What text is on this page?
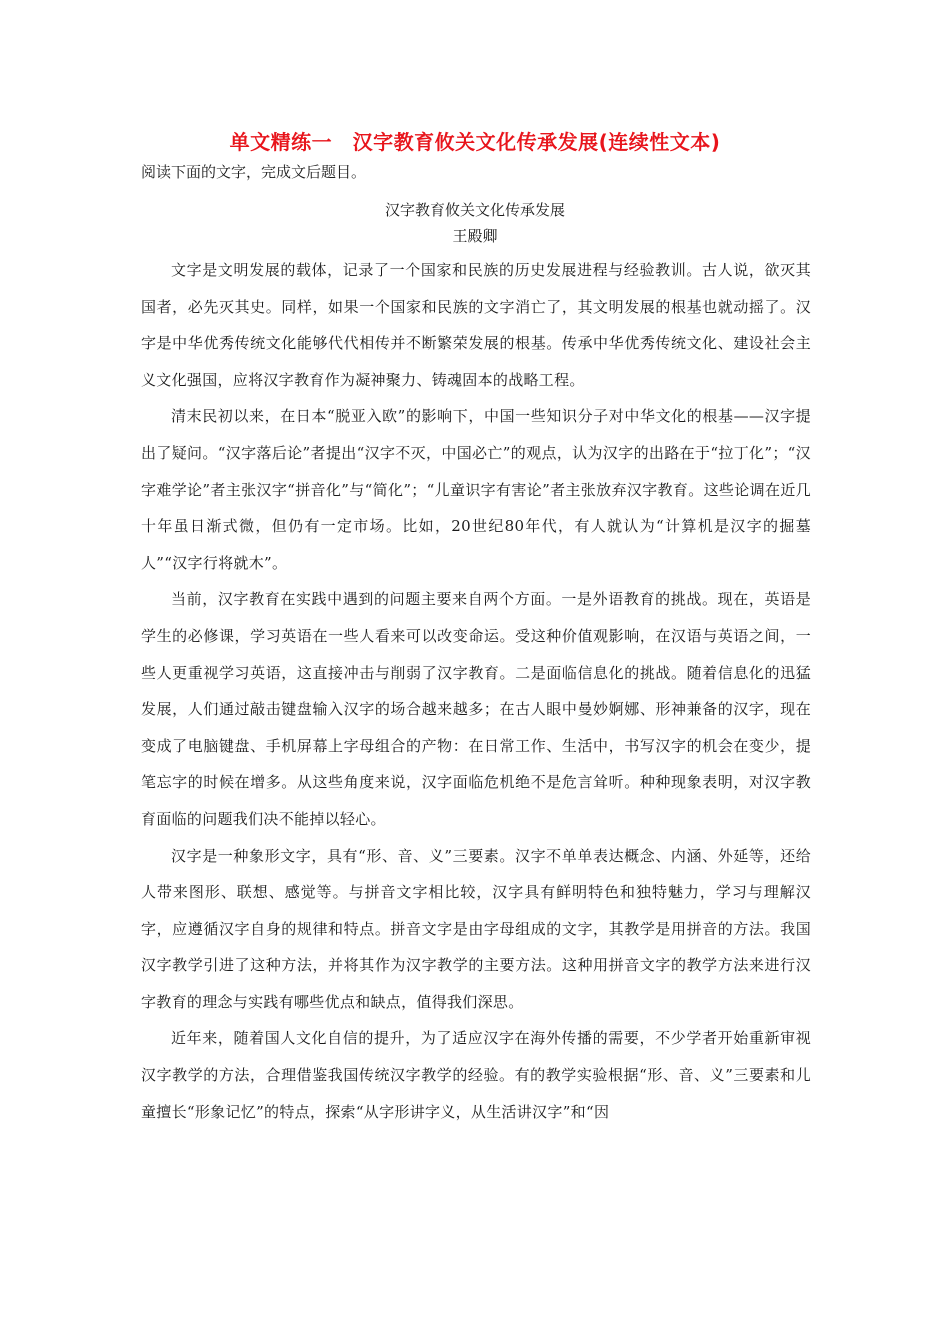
单文精练一　汉字教育攸关文化传承发展(连续性文本)
阅读下面的文字，完成文后题目。
汉字教育攸关文化传承发展
王殿卿

文字是文明发展的载体，记录了一个国家和民族的历史发展进程与经验教训。古人说，欲灭其国者，必先灭其史。同样，如果一个国家和民族的文字消亡了，其文明发展的根基也就动摇了。汉字是中华优秀传统文化能够代代相传并不断繁荣发展的根基。传承中华优秀传统文化、建设社会主义文化强国，应将汉字教育作为凝神聚力、铸魂固本的战略工程。

清末民初以来，在日本“脱亚入欧”的影响下，中国一些知识分子对中华文化的根基——汉字提出了疑问。“汉字落后论”者提出“汉字不灭，中国必亡”的观点，认为汉字的出路在于“拉丁化”；“汉字难学论”者主张汉字“拼音化”与“简化”；“儿童识字有害论”者主张放弃汉字教育。这些论调在近几十年虽日渐式微，但仍有一定市场。比如，20世纪80年代，有人就认为“计算机是汉字的掘墓人”“汉字行将就木”。

当前，汉字教育在实践中遇到的问题主要来自两个方面。一是外语教育的挑战。现在，英语是学生的必修课，学习英语在一些人看来可以改变命运。受这种价值观影响，在汉语与英语之间，一些人更重视学习英语，这直接冲击与削弱了汉字教育。二是面临信息化的挑战。随着信息化的迅猛发展，人们通过敲击键盘输入汉字的场合越来越多；在古人眼中曼妙婀娜、形神兼备的汉字，现在变成了电脑键盘、手机屏幕上字母组合的产物：在日常工作、生活中，书写汉字的机会在变少，提笔忘字的时候在增多。从这些角度来说，汉字面临危机绝不是危言耸听。种种现象表明，对汉字教育面临的问题我们决不能掉以轻心。

汉字是一种象形文字，具有“形、音、义”三要素。汉字不单单表达概念、内涵、外延等，还给人带来图形、联想、感觉等。与拼音文字相比较，汉字具有鲜明特色和独特魅力，学习与理解汉字，应遵循汉字自身的规律和特点。拼音文字是由字母组成的文字，其教学是用拼音的方法。我国汉字教学引进了这种方法，并将其作为汉字教学的主要方法。这种用拼音文字的教学方法来进行汉字教育的理念与实践有哪些优点和缺点，值得我们深思。

近年来，随着国人文化自信的提升，为了适应汉字在海外传播的需要，不少学者开始重新审视汉字教学的方法，合理借鉴我国传统汉字教学的经验。有的教学实验根据“形、音、义”三要素和儿童擅长“形象记忆”的特点，探索“从字形讲字义，从生活讲汉字”和“因
